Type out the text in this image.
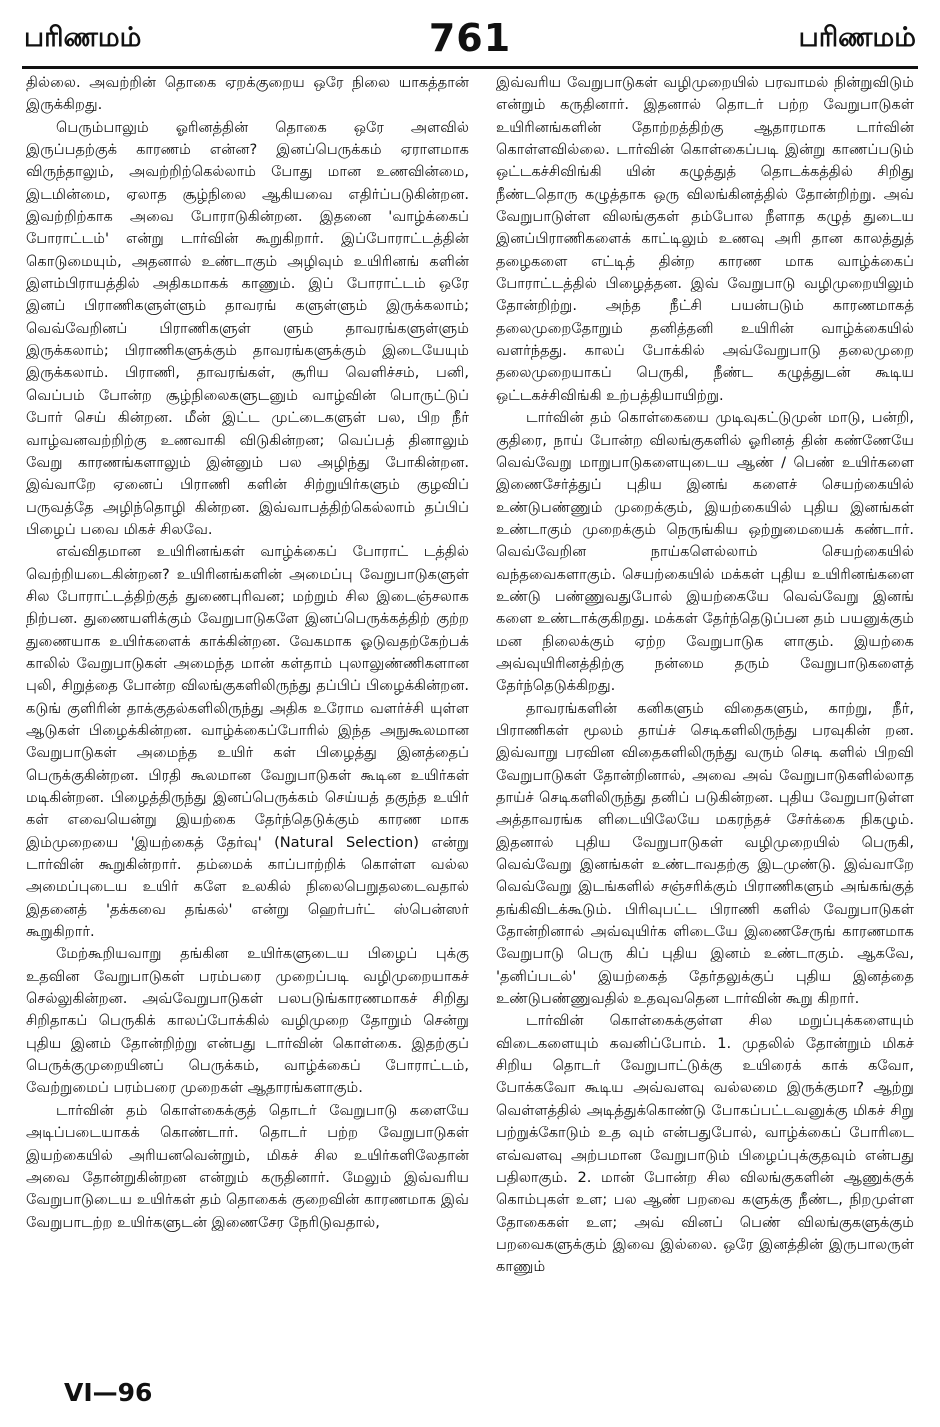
பரிணமம்	761	பரிணமம்

தில்லை. அவற்றின் தொகை ஏறக்குறைய ஒரே நிலை யாகத்தான் இருக்கிறது.

பெரும்பாலும் ஓரினத்தின் தொகை ஒரே அளவில் இருப்பதற்குக் காரணம் என்ன? இனப்பெருக்கம் ஏராளமாக விருந்தாலும், அவற்றிற்கெல்லாம் போது மான உணவின்மை, இடமின்மை, ஏலாத சூழ்நிலை ஆகியவை எதிர்ப்படுகின்றன. இவற்றிற்காக அவை போராடுகின்றன. இதனை 'வாழ்க்கைப் போராட்டம்' என்று டார்வின் கூறுகிறார். இப்போராட்டத்தின் கொடுமையும், அதனால் உண்டாகும் அழிவும் உயிரினங் களின் இளம்பிராயத்தில் அதிகமாகக் காணும். இப் போராட்டம் ஒரே இனப் பிராணிகளுள்ளும் தாவரங் களுள்ளும் இருக்கலாம்; வெவ்வேறினப் பிராணிகளுள் ளும் தாவரங்களுள்ளும் இருக்கலாம்; பிராணிகளுக்கும் தாவரங்களுக்கும் இடையேயும் இருக்கலாம். பிராணி, தாவரங்கள், சூரிய வெளிச்சம், பனி, வெப்பம் போன்ற சூழ்நிலைகளுடனும் வாழ்வின் பொருட்டுப் போர் செய் கின்றன. மீன் இட்ட முட்டைகளுள் பல, பிற நீர் வாழ்வனவற்றிற்கு உணவாகி விடுகின்றன; வெப்பத் தினாலும் வேறு காரணங்களாலும் இன்னும் பல அழிந்து போகின்றன. இவ்வாறே ஏனைப் பிராணி களின் சிற்றுயிர்களும் குழவிப் பருவத்தே அழிந்தொழி கின்றன. இவ்வாபத்திற்கெல்லாம் தப்பிப் பிழைப் பவை மிகச் சிலவே.

எவ்விதமான உயிரினங்கள் வாழ்க்கைப் போராட் டத்தில் வெற்றியடைகின்றன? உயிரினங்களின் அமைப்பு வேறுபாடுகளுள் சில போராட்டத்திற்குத் துணைபுரிவன; மற்றும் சில இடைஞ்சலாக நிற்பன. துணையளிக்கும் வேறுபாடுகளே இனப்பெருக்கத்திற் குற்ற துணையாக உயிர்களைக் காக்கின்றன. வேகமாக ஓடுவதற்கேற்பக் காலில் வேறுபாடுகள் அமைந்த மான் கள்தாம் புலாலுண்ணிகளான புலி, சிறுத்தை போன்ற விலங்குகளிலிருந்து தப்பிப் பிழைக்கின்றன. கடுங் குளிரின் தாக்குதல்களிலிருந்து அதிக உரோம வளர்ச்சி யுள்ள ஆடுகள் பிழைக்கின்றன. வாழ்க்கைப்போரில் இந்த அநுகூலமான வேறுபாடுகள் அமைந்த உயிர் கள் பிழைத்து இனத்தைப் பெருக்குகின்றன. பிரதி கூலமான வேறுபாடுகள் கூடின உயிர்கள் மடிகின்றன. பிழைத்திருந்து இனப்பெருக்கம் செய்யத் தகுந்த உயிர் கள் எவையென்று இயற்கை தேர்ந்தெடுக்கும் காரண மாக இம்முறையை 'இயற்கைத் தேர்வு' (Natural Selection) என்று டார்வின் கூறுகின்றார். தம்மைக் காப்பாற்றிக் கொள்ள வல்ல அமைப்புடைய உயிர் களே உலகில் நிலைபெறுதலடைவதால் இதனைத் 'தக்கவை தங்கல்' என்று ஹெர்பர்ட் ஸ்பென்ஸர் கூறுகிறார்.

மேற்கூறியவாறு தங்கின உயிர்களுடைய பிழைப் புக்கு உதவின வேறுபாடுகள் பரம்பரை முறைப்படி வழிமுறையாகச் செல்லுகின்றன. அவ்வேறுபாடுகள் பலபடுங்காரணமாகச் சிறிது சிறிதாகப் பெருகிக் காலப்போக்கில் வழிமுறை தோறும் சென்று புதிய இனம் தோன்றிற்று என்பது டார்வின் கொள்கை. இதற்குப் பெருக்குமுறையினப் பெருக்கம், வாழ்க்கைப் போராட்டம், வேற்றுமைப் பரம்பரை முறைகள் ஆதாரங்களாகும்.

டார்வின் தம் கொள்கைக்குத் தொடர் வேறுபாடு களையே அடிப்படையாகக் கொண்டார். தொடர் பற்ற வேறுபாடுகள் இயற்கையில் அரியனவென்றும், மிகச் சில உயிர்களிலேதான் அவை தோன்றுகின்றன என்றும் கருதினார். மேலும் இவ்வரிய வேறுபாடுடைய உயிர்கள் தம் தொகைக் குறைவின் காரணமாக இவ் வேறுபாடற்ற உயிர்களுடன் இணைசேர நேரிடுவதால்,

இவ்வரிய வேறுபாடுகள் வழிமுறையில் பரவாமல் நின்றுவிடும் என்றும் கருதினார். இதனால் தொடர் பற்ற வேறுபாடுகள் உயிரினங்களின் தோற்றத்திற்கு ஆதாரமாக டார்வின் கொள்ளவில்லை. டார்வின் கொள்கைப்படி இன்று காணப்படும் ஒட்டகச்சிவிங்கி யின் கழுத்துத் தொடக்கத்தில் சிறிது நீண்டதொரு கழுத்தாக ஒரு விலங்கினத்தில் தோன்றிற்று. அவ் வேறுபாடுள்ள விலங்குகள் தம்போல நீளாத கழுத் துடைய இனப்பிராணிகளைக் காட்டிலும் உணவு அரி தான காலத்துத் தழைகளை எட்டித் தின்ற காரண மாக வாழ்க்கைப் போராட்டத்தில் பிழைத்தன. இவ் வேறுபாடு வழிமுறையிலும் தோன்றிற்று. அந்த நீட்சி பயன்படும் காரணமாகத் தலைமுறைதோறும் தனித்தனி உயிரின் வாழ்க்கையில் வளர்ந்தது. காலப் போக்கில் அவ்வேறுபாடு தலைமுறை தலைமுறையாகப் பெருகி, நீண்ட கழுத்துடன் கூடிய ஒட்டகச்சிவிங்கி உற்பத்தியாயிற்று.

டார்வின் தம் கொள்கையை முடிவுகட்டுமுன் மாடு, பன்றி, குதிரை, நாய் போன்ற விலங்குகளில் ஓரினத் தின் கண்ணேயே வெவ்வேறு மாறுபாடுகளையுடைய ஆண் / பெண் உயிர்களை இணைசேர்த்துப் புதிய இனங் களைச் செயற்கையில் உண்டுபண்ணும் முறைக்கும், இயற்கையில் புதிய இனங்கள் உண்டாகும் முறைக்கும் நெருங்கிய ஒற்றுமையைக் கண்டார். வெவ்வேறின நாய்களெல்லாம் செயற்கையில் வந்தவைகளாகும். செயற்கையில் மக்கள் புதிய உயிரினங்களை உண்டு பண்ணுவதுபோல் இயற்கையே வெவ்வேறு இனங் களை உண்டாக்குகிறது. மக்கள் தேர்ந்தெடுப்பன தம் பயனுக்கும் மன நிலைக்கும் ஏற்ற வேறுபாடுக ளாகும். இயற்கை அவ்வுயிரினத்திற்கு நன்மை தரும் வேறுபாடுகளைத் தேர்ந்தெடுக்கிறது.

தாவரங்களின் கனிகளும் விதைகளும், காற்று, நீர், பிராணிகள் மூலம் தாய்ச் செடிகளிலிருந்து பரவுகின் றன. இவ்வாறு பரவின விதைகளிலிருந்து வரும் செடி களில் பிறவி வேறுபாடுகள் தோன்றினால், அவை அவ் வேறுபாடுகளில்லாத தாய்ச் செடிகளிலிருந்து தனிப் படுகின்றன. புதிய வேறுபாடுள்ள அத்தாவரங்க ளிடையிலேயே மகரந்தச் சேர்க்கை நிகழும். இதனால் புதிய வேறுபாடுகள் வழிமுறையில் பெருகி, வெவ்வேறு இனங்கள் உண்டாவதற்கு இடமுண்டு. இவ்வாறே வெவ்வேறு இடங்களில் சஞ்சரிக்கும் பிராணிகளும் அங்கங்குத் தங்கிவிடக்கூடும். பிரிவுபட்ட பிராணி களில் வேறுபாடுகள் தோன்றினால் அவ்வுயிர்க ளிடையே இணைசேருங் காரணமாக வேறுபாடு பெரு கிப் புதிய இனம் உண்டாகும். ஆகவே, 'தனிப்படல்' இயற்கைத் தேர்தலுக்குப் புதிய இனத்தை உண்டுபண்ணுவதில் உதவுவதென டார்வின் கூறு கிறார்.

டார்வின் கொள்கைக்குள்ள சில மறுப்புக்களையும் விடைகளையும் கவனிப்போம். 1. முதலில் தோன்றும் மிகச் சிறிய தொடர் வேறுபாட்டுக்கு உயிரைக் காக் கவோ, போக்கவோ கூடிய அவ்வளவு வல்லமை இருக்குமா? ஆற்று வெள்ளத்தில் அடித்துக்கொண்டு போகப்பட்டவனுக்கு மிகச் சிறு பற்றுக்கோடும் உத வும் என்பதுபோல், வாழ்க்கைப் போரிடை எவ்வளவு அற்பமான வேறுபாடும் பிழைப்புக்குதவும் என்பது பதிலாகும். 2. மான் போன்ற சில விலங்குகளின் ஆணுக்குக் கொம்புகள் உள; பல ஆண் பறவை களுக்கு நீண்ட, நிறமுள்ள தோகைகள் உள; அவ் வினப் பெண் விலங்குகளுக்கும் பறவைகளுக்கும் இவை இல்லை. ஒரே இனத்தின் இருபாலருள் காணும்

VI—96
